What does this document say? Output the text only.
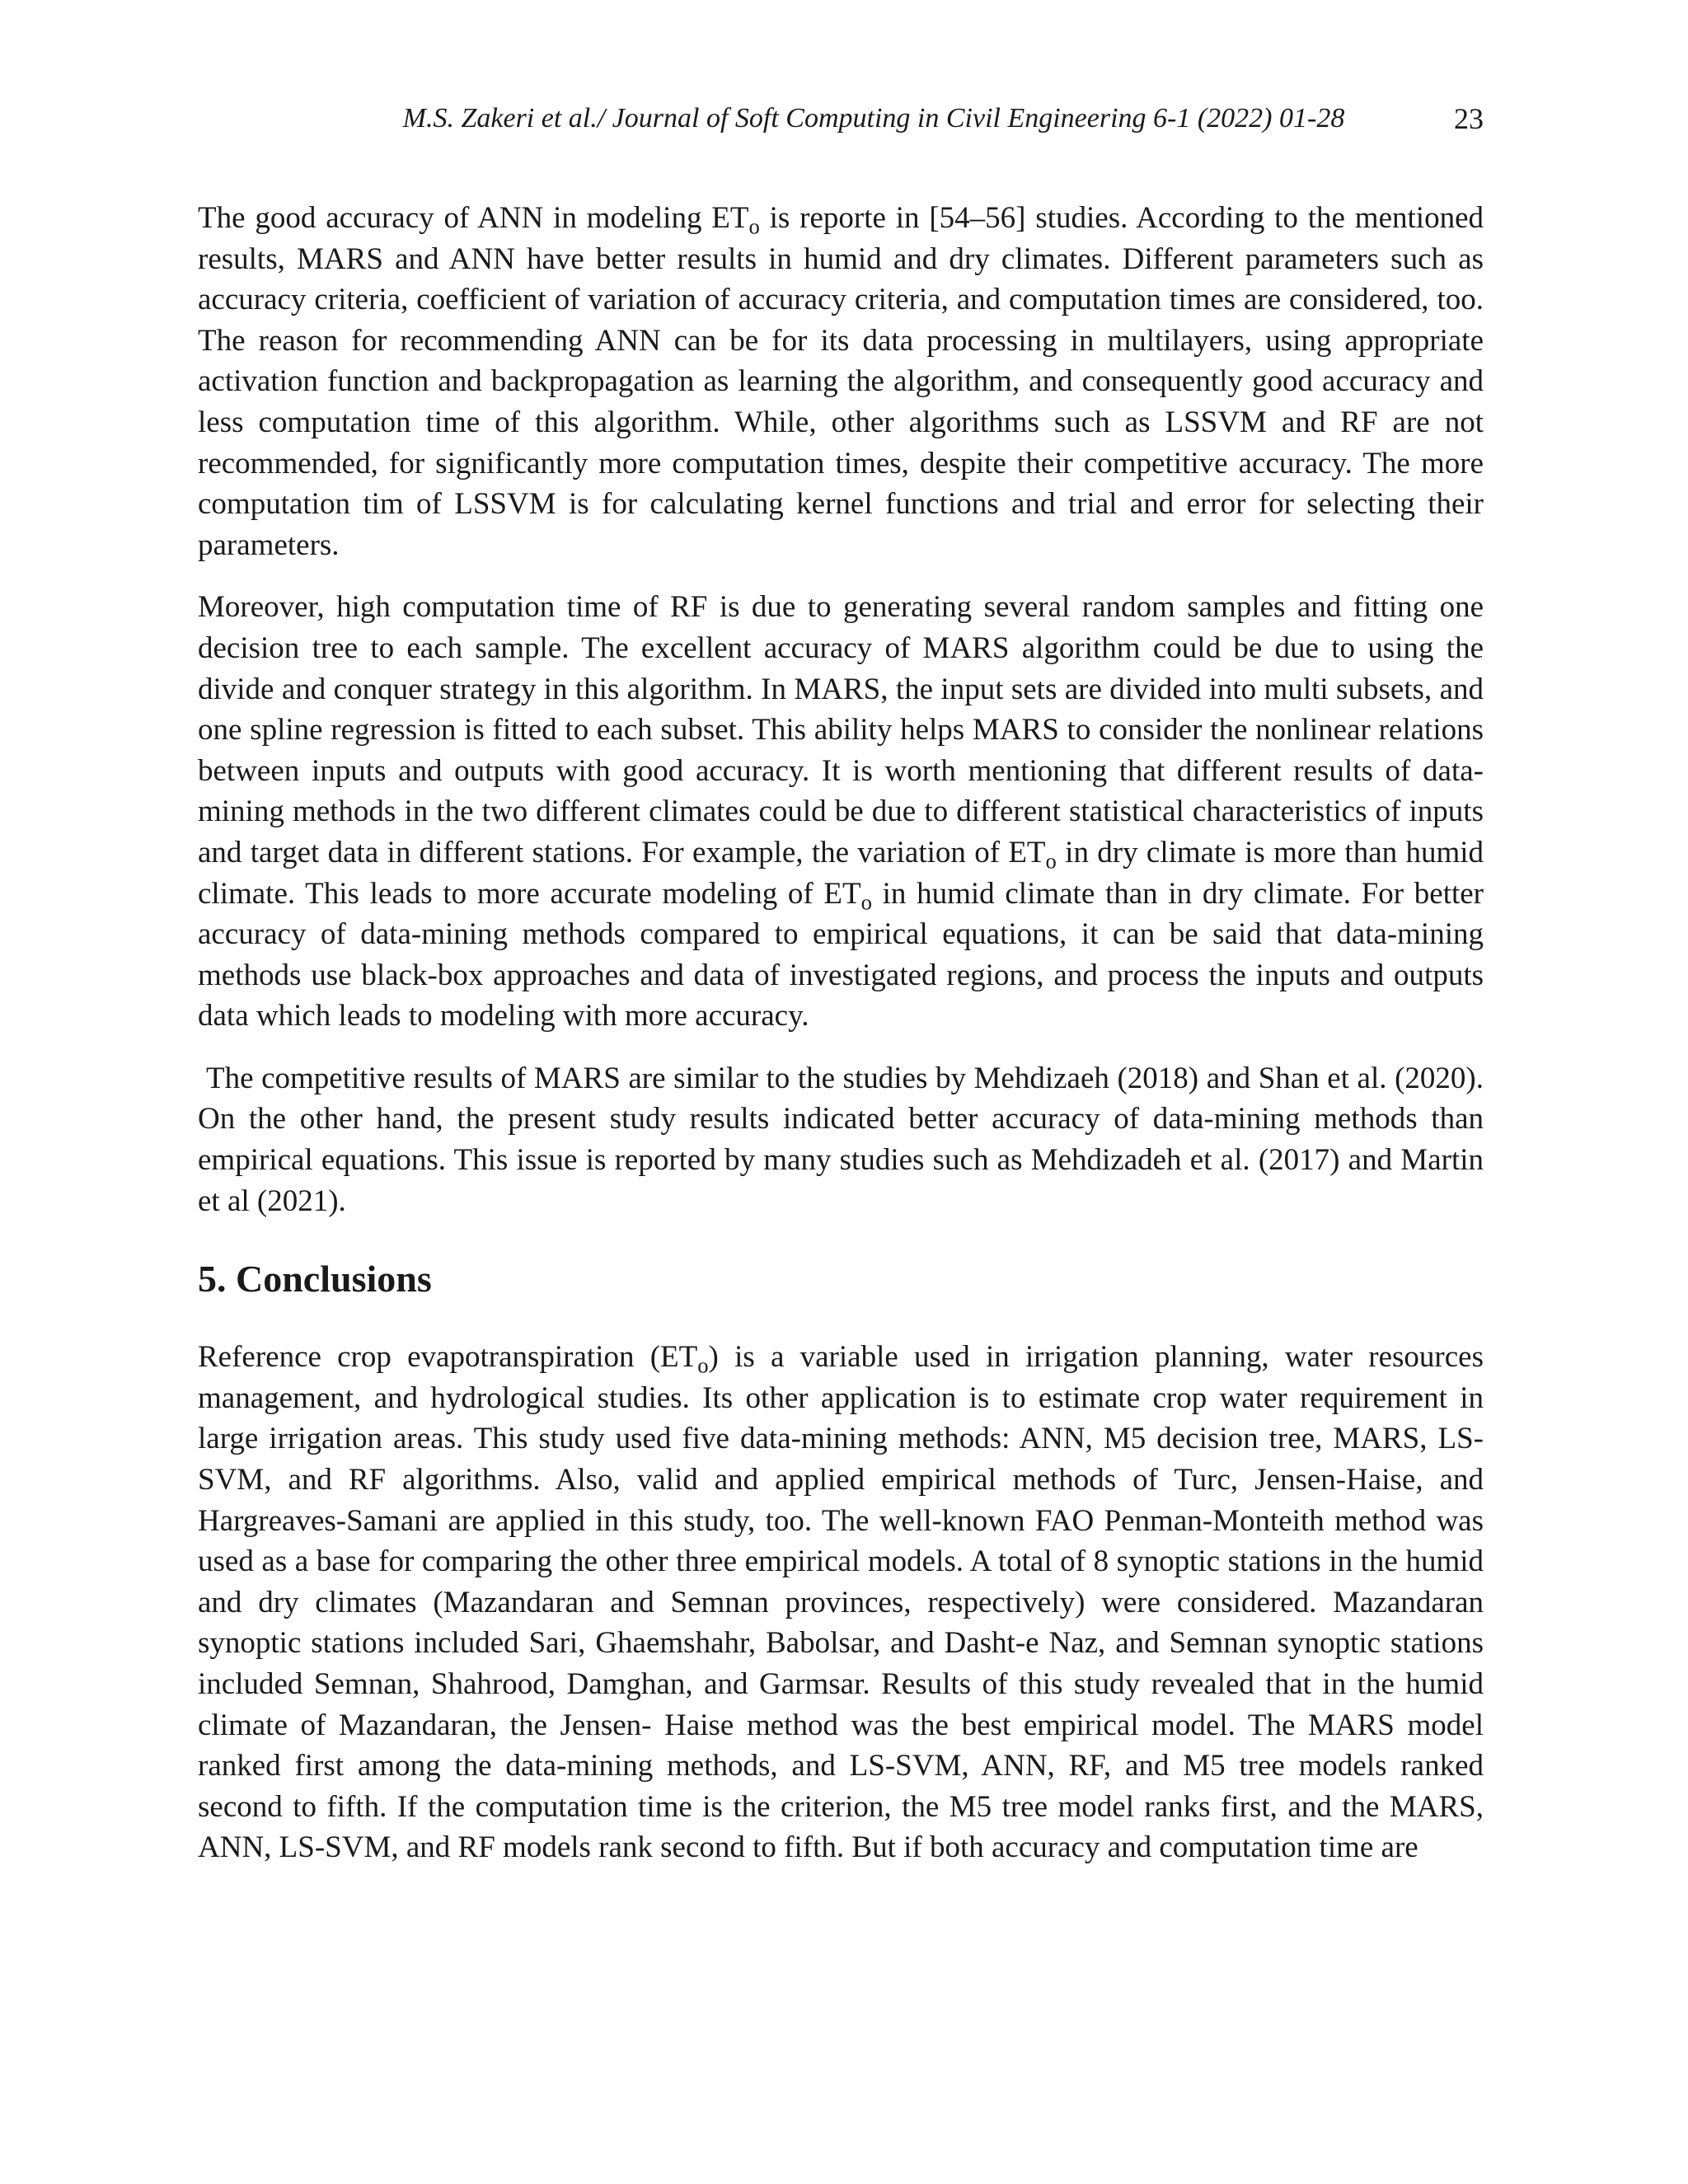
M.S. Zakeri et al./ Journal of Soft Computing in Civil Engineering 6-1 (2022) 01-28	23

The good accuracy of ANN in modeling $ET_o$ is reporte in [54–56] studies. According to the mentioned results, MARS and ANN have better results in humid and dry climates. Different parameters such as accuracy criteria, coefficient of variation of accuracy criteria, and computation times are considered, too. The reason for recommending ANN can be for its data processing in multilayers, using appropriate activation function and backpropagation as learning the algorithm, and consequently good accuracy and less computation time of this algorithm. While, other algorithms such as LSSVM and RF are not recommended, for significantly more computation times, despite their competitive accuracy. The more computation tim of LSSVM is for calculating kernel functions and trial and error for selecting their parameters.

Moreover, high computation time of RF is due to generating several random samples and fitting one decision tree to each sample. The excellent accuracy of MARS algorithm could be due to using the divide and conquer strategy in this algorithm. In MARS, the input sets are divided into multi subsets, and one spline regression is fitted to each subset. This ability helps MARS to consider the nonlinear relations between inputs and outputs with good accuracy. It is worth mentioning that different results of data-mining methods in the two different climates could be due to different statistical characteristics of inputs and target data in different stations. For example, the variation of $ET_o$ in dry climate is more than humid climate. This leads to more accurate modeling of $ET_o$ in humid climate than in dry climate. For better accuracy of data-mining methods compared to empirical equations, it can be said that data-mining methods use black-box approaches and data of investigated regions, and process the inputs and outputs data which leads to modeling with more accuracy.

The competitive results of MARS are similar to the studies by Mehdizaeh (2018) and Shan et al. (2020). On the other hand, the present study results indicated better accuracy of data-mining methods than empirical equations. This issue is reported by many studies such as Mehdizadeh et al. (2017) and Martin et al (2021).

5. Conclusions

Reference crop evapotranspiration $(ET_o)$ is a variable used in irrigation planning, water resources management, and hydrological studies. Its other application is to estimate crop water requirement in large irrigation areas. This study used five data-mining methods: ANN, M5 decision tree, MARS, LS-SVM, and RF algorithms. Also, valid and applied empirical methods of Turc, Jensen-Haise, and Hargreaves-Samani are applied in this study, too. The well-known FAO Penman-Monteith method was used as a base for comparing the other three empirical models. A total of 8 synoptic stations in the humid and dry climates (Mazandaran and Semnan provinces, respectively) were considered. Mazandaran synoptic stations included Sari, Ghaemshahr, Babolsar, and Dasht-e Naz, and Semnan synoptic stations included Semnan, Shahrood, Damghan, and Garmsar. Results of this study revealed that in the humid climate of Mazandaran, the Jensen- Haise method was the best empirical model. The MARS model ranked first among the data-mining methods, and LS-SVM, ANN, RF, and M5 tree models ranked second to fifth. If the computation time is the criterion, the M5 tree model ranks first, and the MARS, ANN, LS-SVM, and RF models rank second to fifth. But if both accuracy and computation time are
